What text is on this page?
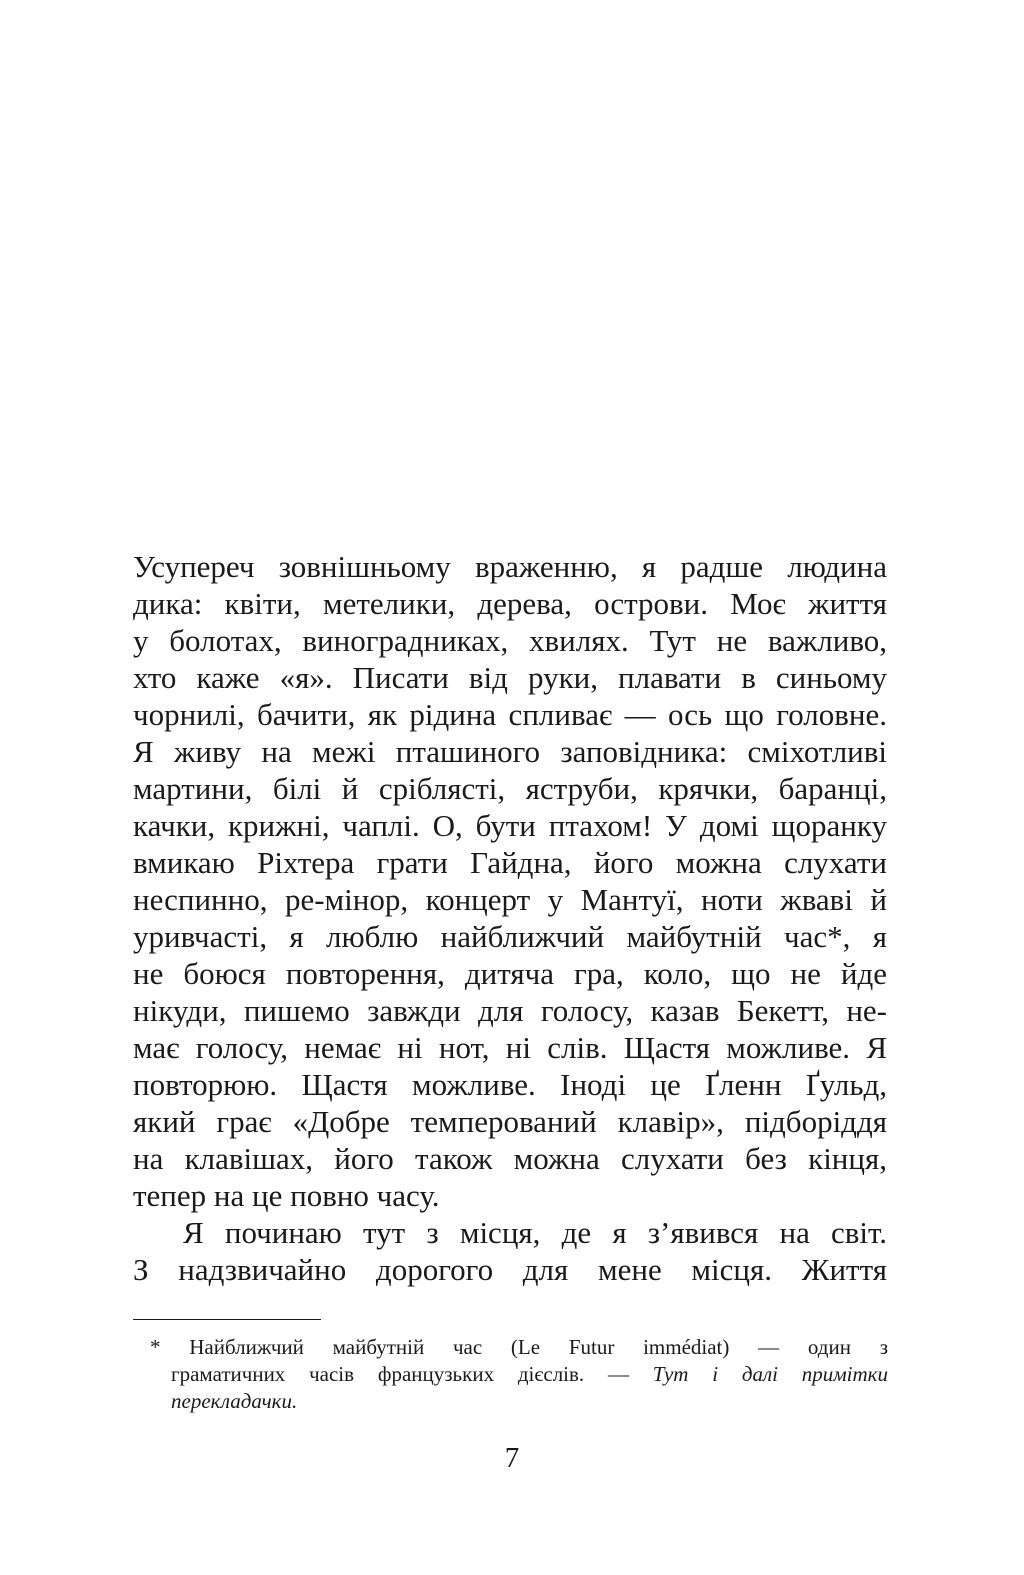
Усупереч зовнішньому враженню, я радше людина
дика: квіти, метелики, дерева, острови. Моє життя
у болотах, виноградниках, хвилях. Тут не важливо,
хто каже «я». Писати від руки, плавати в синьому
чорнилі, бачити, як рідина спливає — ось що головне.
Я живу на межі пташиного заповідника: сміхотливі
мартини, білі й сріблясті, яструби, крячки, баранці,
качки, крижні, чаплі. О, бути птахом! У домі щоранку
вмикаю Ріхтера грати Гайдна, його можна слухати
неспинно, ре-мінор, концерт у Мантуї, ноти жваві й
уривчасті, я люблю найближчий майбутній час*, я
не боюся повторення, дитяча гра, коло, що не йде
нікуди, пишемо завжди для голосу, казав Бекетт, не-
має голосу, немає ні нот, ні слів. Щастя можливе. Я
повторюю. Щастя можливе. Іноді це Ґленн Ґульд,
який грає «Добре темперований клавір», підборіддя
на клавішах, його також можна слухати без кінця,
тепер на це повно часу.
Я починаю тут з місця, де я з’явився на світ.
З надзвичайно дорогого для мене місця. Життя
* Найближчий майбутній час (Le Futur immédiat) — один з
граматичних часів французьких дієслів. — Тут і далі примітки
перекладачки.
7
